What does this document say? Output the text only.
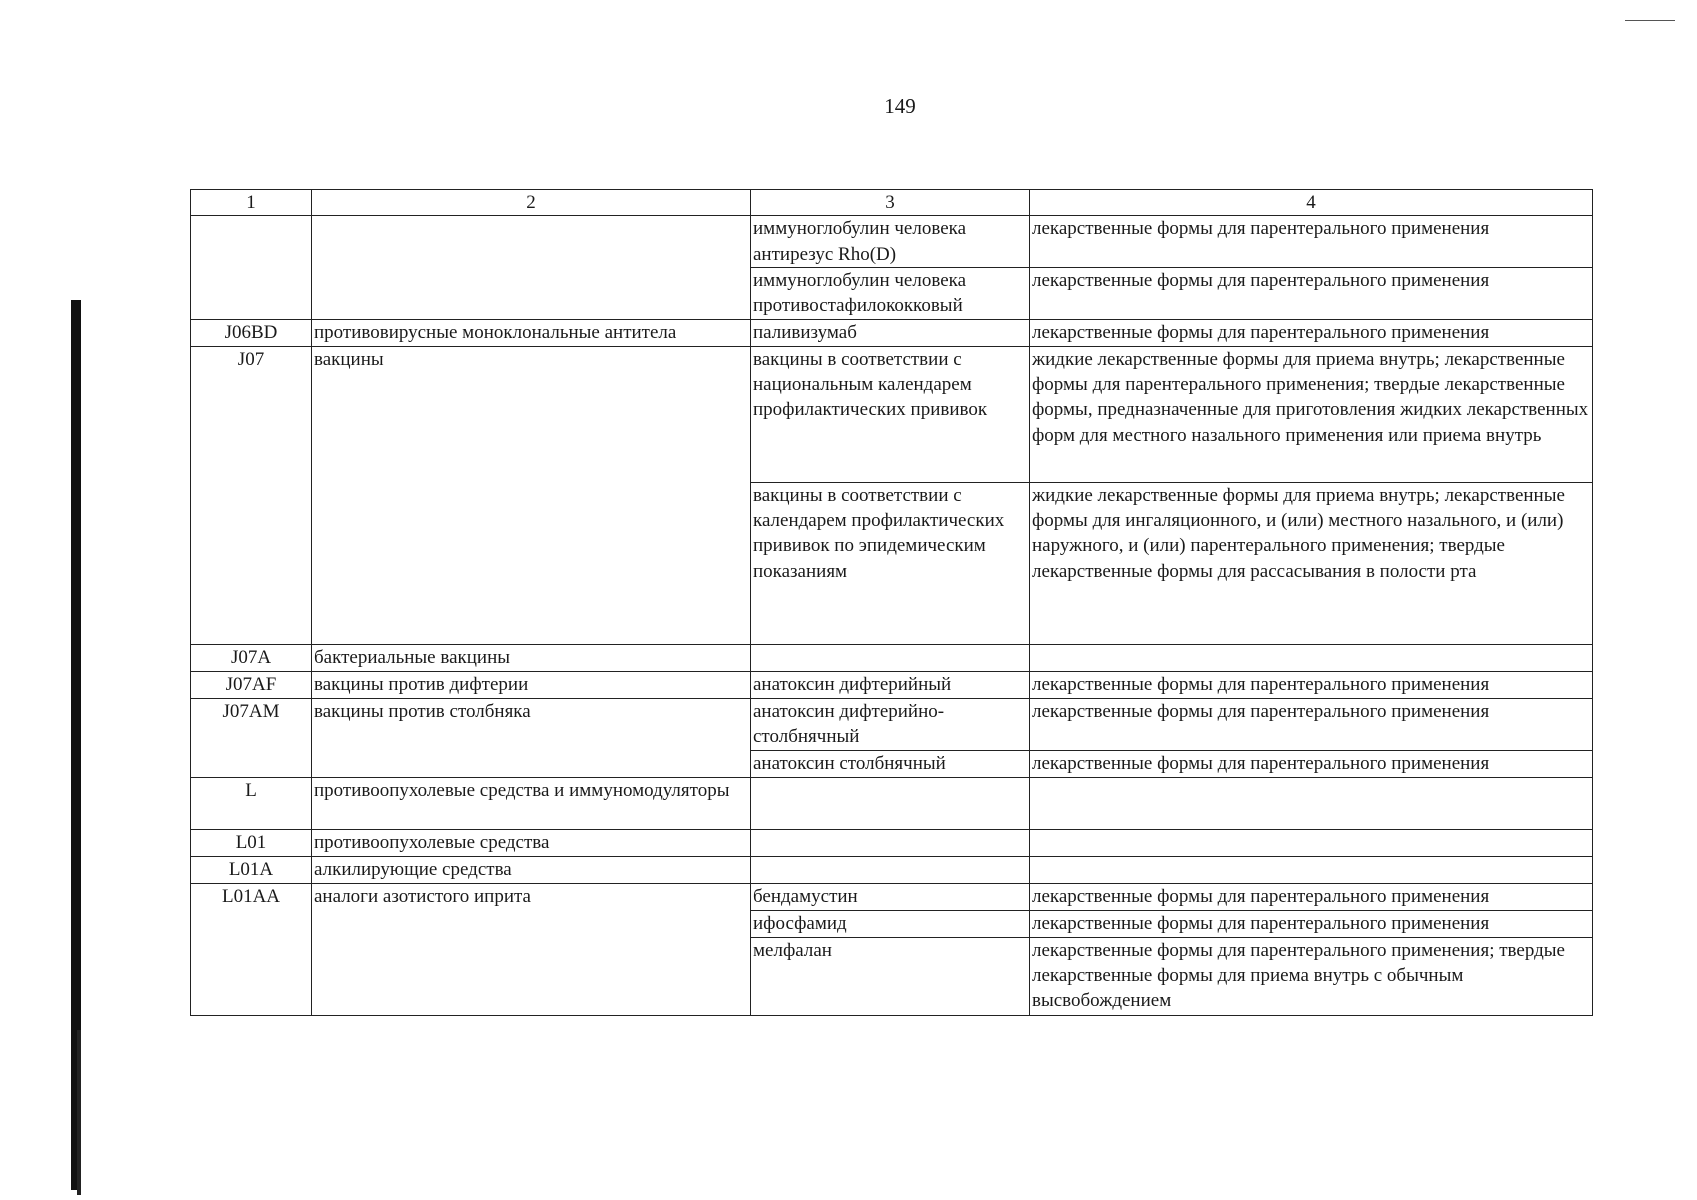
149
1	2	3	4
		иммуноглобулин человека антирезус Rho(D)	лекарственные формы для парентерального применения
		иммуноглобулин человека противостафилококковый	лекарственные формы для парентерального применения
J06BD	противовирусные моноклональные антитела	паливизумаб	лекарственные формы для парентерального применения
J07	вакцины	вакцины в соответствии с национальным календарем профилактических прививок	жидкие лекарственные формы для приема внутрь; лекарственные формы для парентерального применения; твердые лекарственные формы, предназначенные для приготовления жидких лекарственных форм для местного назального применения или приема внутрь
		вакцины в соответствии с календарем профилактических прививок по эпидемическим показаниям	жидкие лекарственные формы для приема внутрь; лекарственные формы для ингаляционного, и (или) местного назального, и (или) наружного, и (или) парентерального применения; твердые лекарственные формы для рассасывания в полости рта
J07A	бактериальные вакцины		
J07AF	вакцины против дифтерии	анатоксин дифтерийный	лекарственные формы для парентерального применения
J07AM	вакцины против столбняка	анатоксин дифтерийно-столбнячный	лекарственные формы для парентерального применения
		анатоксин столбнячный	лекарственные формы для парентерального применения
L	противоопухолевые средства и иммуномодуляторы		
L01	противоопухолевые средства		
L01A	алкилирующие средства		
L01AA	аналоги азотистого иприта	бендамустин	лекарственные формы для парентерального применения
		ифосфамид	лекарственные формы для парентерального применения
		мелфалан	лекарственные формы для парентерального применения; твердые лекарственные формы для приема внутрь с обычным высвобождением
